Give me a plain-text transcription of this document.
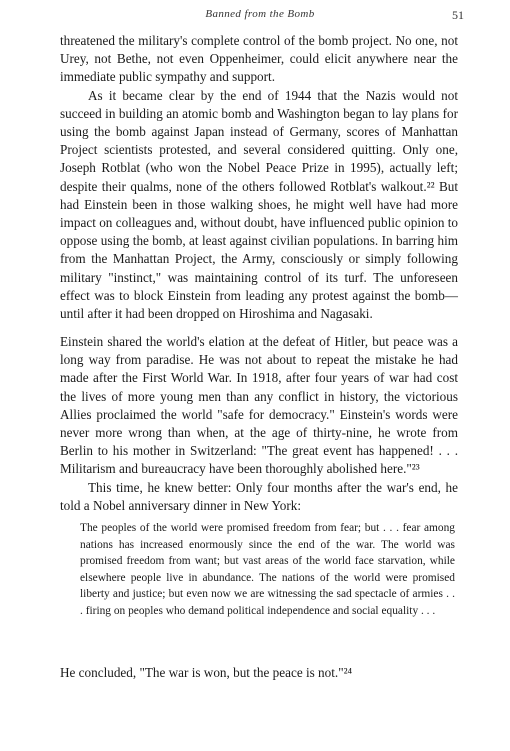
Banned from the Bomb	51

threatened the military's complete control of the bomb project. No one, not Urey, not Bethe, not even Oppenheimer, could elicit anywhere near the immediate public sympathy and support.

As it became clear by the end of 1944 that the Nazis would not succeed in building an atomic bomb and Washington began to lay plans for using the bomb against Japan instead of Germany, scores of Manhattan Project scientists protested, and several considered quitting. Only one, Joseph Rotblat (who won the Nobel Peace Prize in 1995), actually left; despite their qualms, none of the others followed Rotblat's walkout.²² But had Einstein been in those walking shoes, he might well have had more impact on colleagues and, without doubt, have influenced public opinion to oppose using the bomb, at least against civilian populations. In barring him from the Manhattan Project, the Army, consciously or simply following military "instinct," was maintaining control of its turf. The unforeseen effect was to block Einstein from leading any protest against the bomb—until after it had been dropped on Hiroshima and Nagasaki.

Einstein shared the world's elation at the defeat of Hitler, but peace was a long way from paradise. He was not about to repeat the mistake he had made after the First World War. In 1918, after four years of war had cost the lives of more young men than any conflict in history, the victorious Allies proclaimed the world "safe for democracy." Einstein's words were never more wrong than when, at the age of thirty-nine, he wrote from Berlin to his mother in Switzerland: "The great event has happened! . . . Militarism and bureaucracy have been thoroughly abolished here."²³

This time, he knew better: Only four months after the war's end, he told a Nobel anniversary dinner in New York:

The peoples of the world were promised freedom from fear; but . . . fear among nations has increased enormously since the end of the war. The world was promised freedom from want; but vast areas of the world face starvation, while elsewhere people live in abundance. The nations of the world were promised liberty and justice; but even now we are witnessing the sad spectacle of armies . . . firing on peoples who demand political independence and social equality . . .

He concluded, "The war is won, but the peace is not."²⁴
